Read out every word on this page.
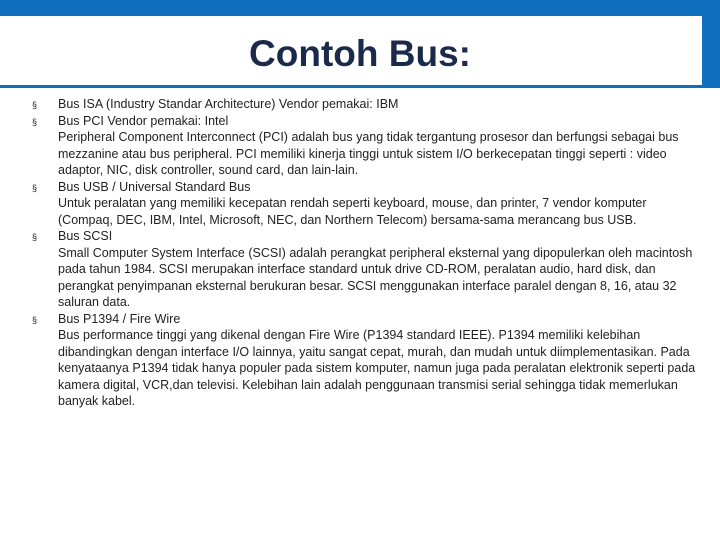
Contoh Bus:
§ Bus ISA (Industry Standar Architecture) Vendor pemakai: IBM
§ Bus PCI Vendor pemakai: Intel
Peripheral Component Interconnect (PCI) adalah bus yang tidak tergantung prosesor dan berfungsi sebagai bus mezzanine atau bus peripheral. PCI memiliki kinerja tinggi untuk sistem I/O berkecepatan tinggi seperti : video adaptor, NIC, disk controller, sound card, dan lain-lain.
§ Bus USB / Universal Standard Bus
Untuk peralatan yang memiliki kecepatan rendah seperti keyboard, mouse, dan printer, 7 vendor komputer (Compaq, DEC, IBM, Intel, Microsoft, NEC, dan Northern Telecom) bersama-sama merancang bus USB.
§ Bus SCSI
Small Computer System Interface (SCSI) adalah perangkat peripheral eksternal yang dipopulerkan oleh macintosh pada tahun 1984. SCSI merupakan interface standard untuk drive CD-ROM, peralatan audio, hard disk, dan perangkat penyimpanan eksternal berukuran besar. SCSI menggunakan interface paralel dengan 8, 16, atau 32 saluran data.
§ Bus P1394 / Fire Wire
Bus performance tinggi yang dikenal dengan Fire Wire (P1394 standard IEEE). P1394 memiliki kelebihan dibandingkan dengan interface I/O lainnya, yaitu sangat cepat, murah, dan mudah untuk diimplementasikan. Pada kenyataanya P1394 tidak hanya populer pada sistem komputer, namun juga pada peralatan elektronik seperti pada kamera digital, VCR,dan televisi. Kelebihan lain adalah penggunaan transmisi serial sehingga tidak memerlukan banyak kabel.
